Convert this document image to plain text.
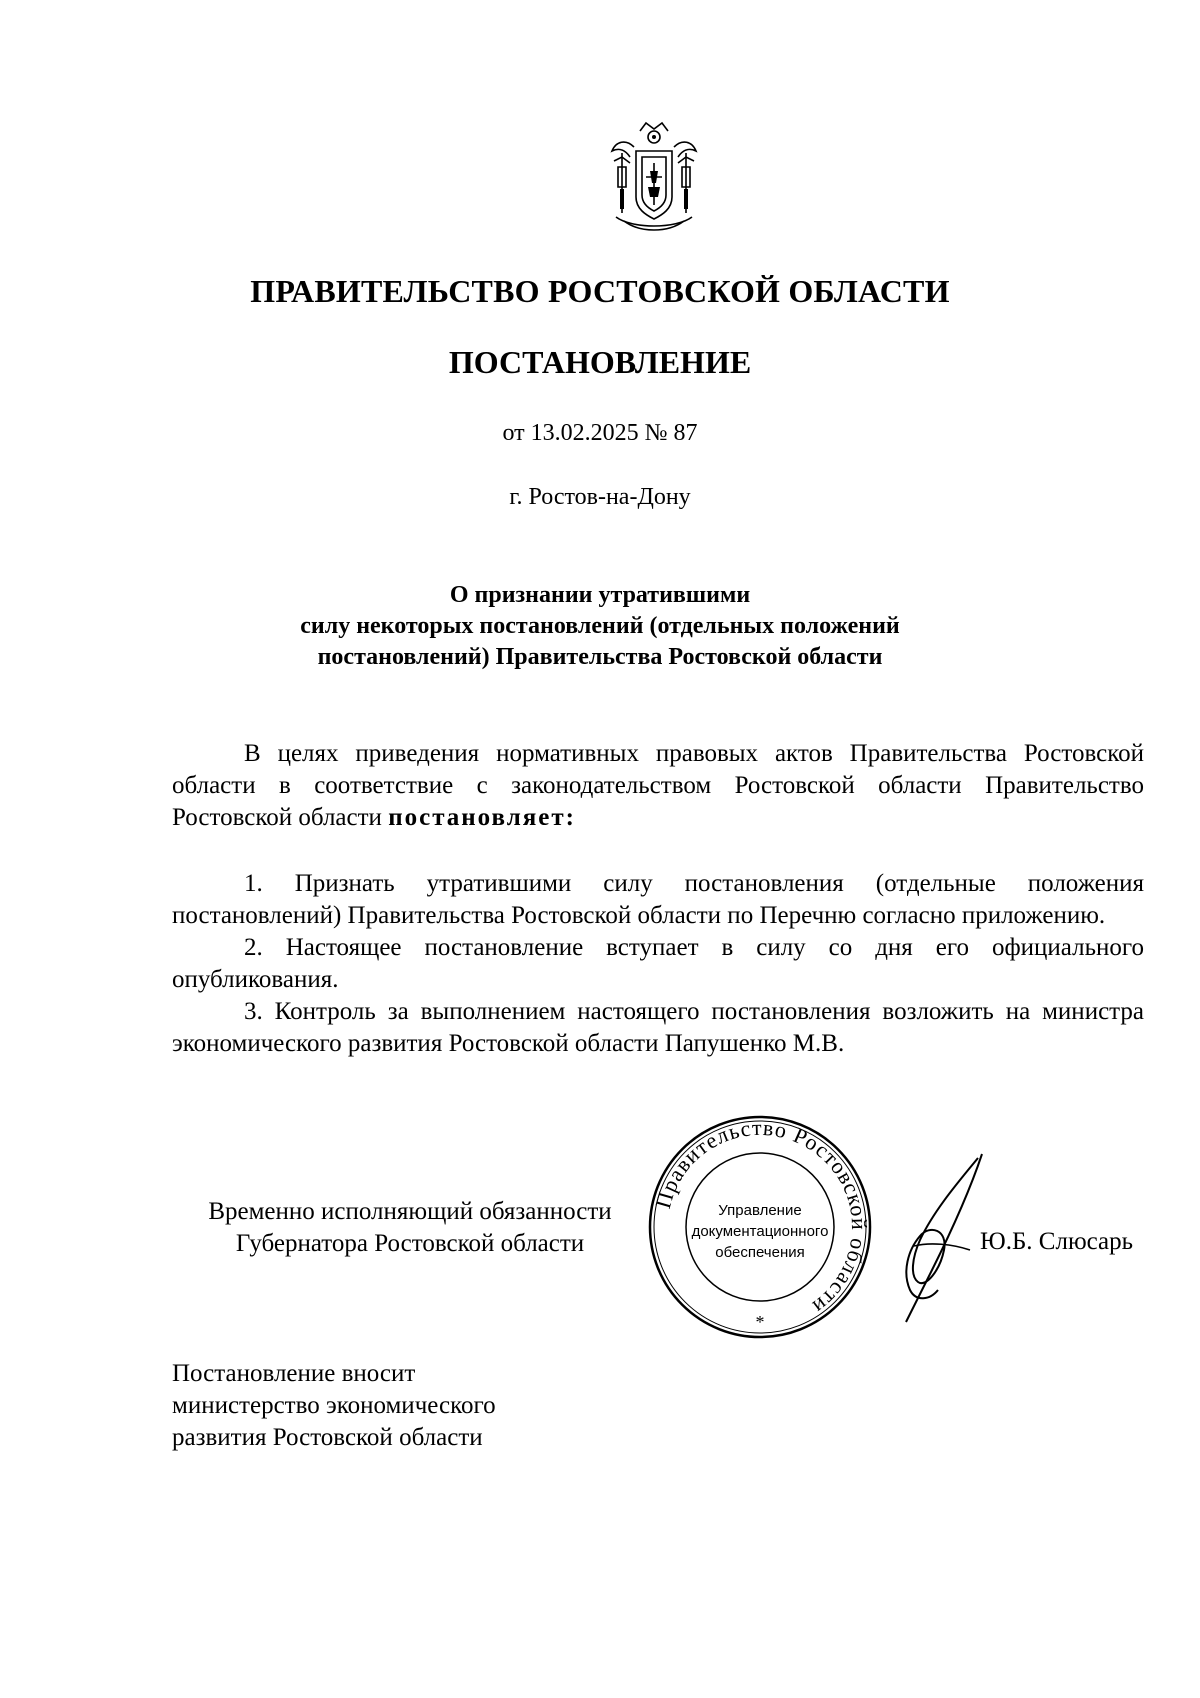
ПРАВИТЕЛЬСТВО РОСТОВСКОЙ ОБЛАСТИ
ПОСТАНОВЛЕНИЕ
от 13.02.2025 № 87
г. Ростов-на-Дону
О признании утратившими
силу некоторых постановлений (отдельных положений
постановлений) Правительства Ростовской области

В целях приведения нормативных правовых актов Правительства Ростовской области в соответствие с законодательством Ростовской области Правительство Ростовской области постановляет:

1. Признать утратившими силу постановления (отдельные положения постановлений) Правительства Ростовской области по Перечню согласно приложению.

2. Настоящее постановление вступает в силу со дня его официального опубликования.

3. Контроль за выполнением настоящего постановления возложить на министра экономического развития Ростовской области Папушенко М.В.

Временно исполняющий обязанности
Губернатора Ростовской области
Правительство Ростовской области
Управление
документационного
обеспечения
*
Ю.Б. Слюсарь
Постановление вносит
министерство экономического
развития Ростовской области
